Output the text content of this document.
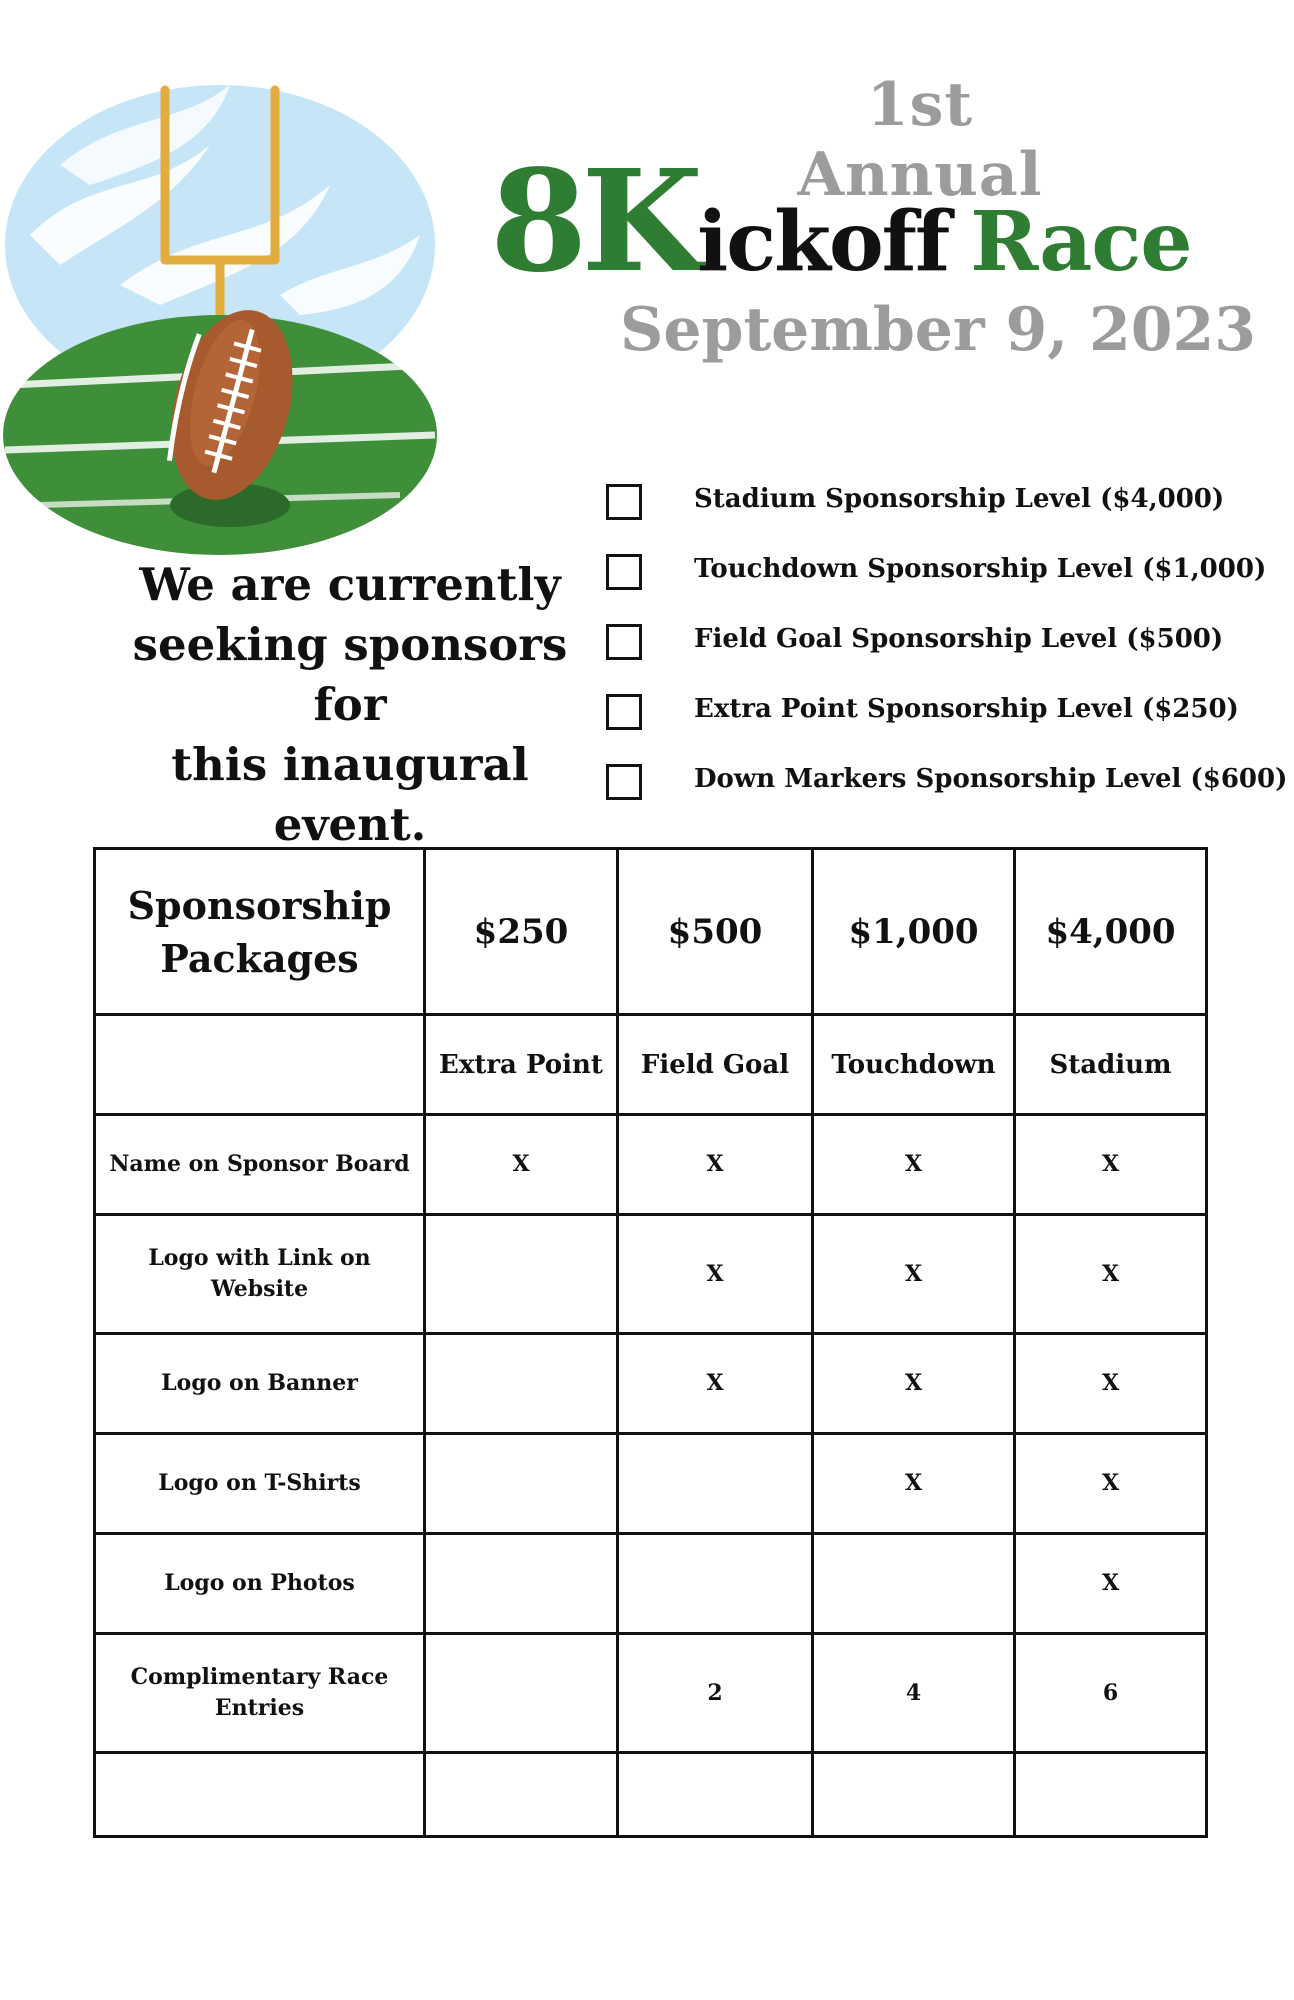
1st Annual
8Kickoff Race
September 9, 2023
We are currently
seeking sponsors for
this inaugural event.
Stadium Sponsorship Level ($4,000)
Touchdown Sponsorship Level ($1,000)
Field Goal Sponsorship Level ($500)
Extra Point Sponsorship Level ($250)
Down Markers Sponsorship Level ($600)
Sponsorship
Packages	$250	$500	$1,000	$4,000
	Extra Point	Field Goal	Touchdown	Stadium
Name on Sponsor Board	X	X	X	X
Logo with Link on Website		X	X	X
Logo on Banner		X	X	X
Logo on T-Shirts			X	X
Logo on Photos				X
Complimentary Race Entries		2	4	6
